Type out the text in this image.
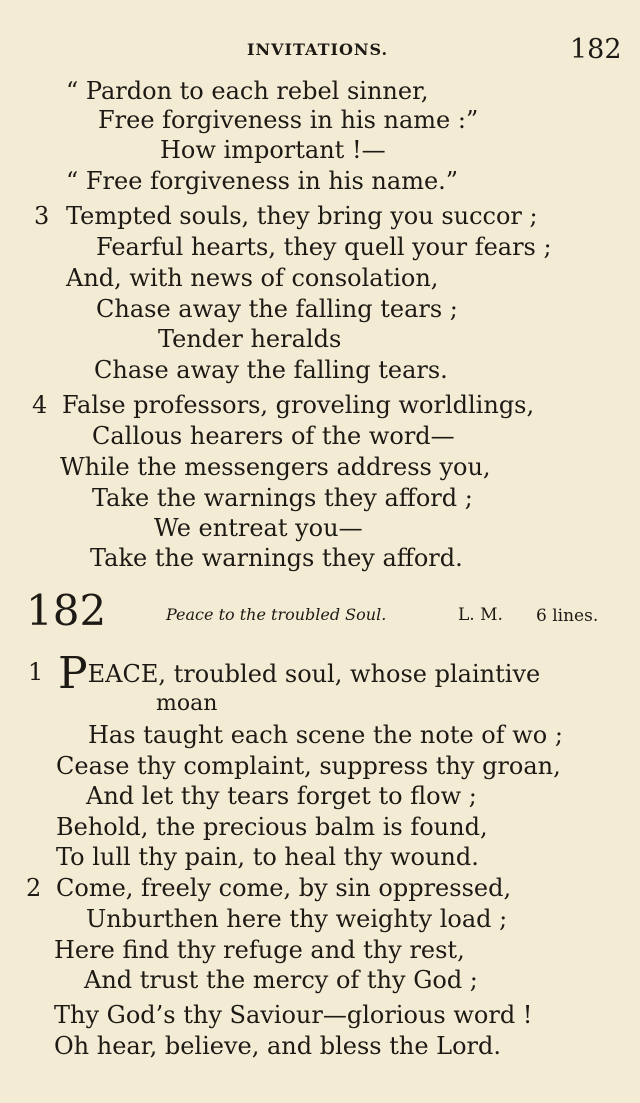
INVITATIONS.	182
“ Pardon to each rebel sinner,
Free forgiveness in his name :”
How important !—
“ Free forgiveness in his name.”
3 Tempted souls, they bring you succor ;
Fearful hearts, they quell your fears ;
And, with news of consolation,
Chase away the falling tears ;
Tender heralds
Chase away the falling tears.
4 False professors, groveling worldlings,
Callous hearers of the word—
While the messengers address you,
Take the warnings they afford ;
We entreat you—
Take the warnings they afford.
182	Peace to the troubled Soul.	L. M. 6 lines.
1 PEACE, troubled soul, whose plaintive
moan
Has taught each scene the note of wo ;
Cease thy complaint, suppress thy groan,
And let thy tears forget to flow ;
Behold, the precious balm is found,
To lull thy pain, to heal thy wound.
2 Come, freely come, by sin oppressed,
Unburthen here thy weighty load ;
Here find thy refuge and thy rest,
And trust the mercy of thy God ;
Thy God’s thy Saviour—glorious word !
Oh hear, believe, and bless the Lord.
